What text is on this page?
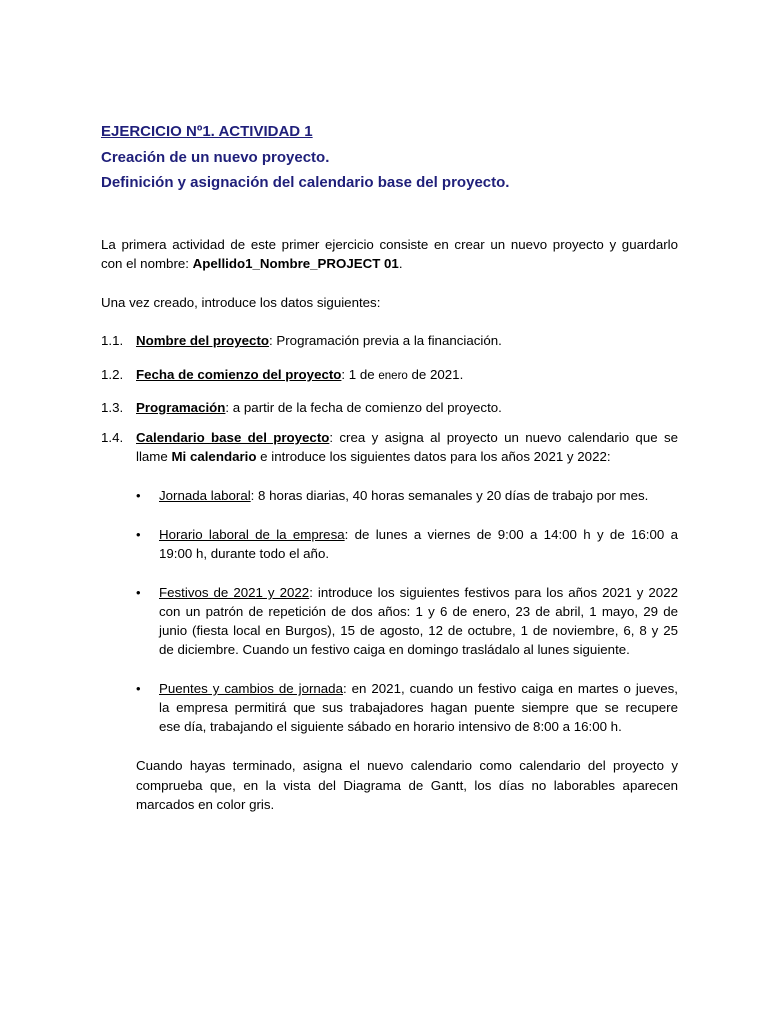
EJERCICIO Nº1. ACTIVIDAD 1
Creación de un nuevo proyecto.
Definición y asignación del calendario base del proyecto.
La primera actividad de este primer ejercicio consiste en crear un nuevo proyecto y guardarlo
con el nombre: Apellido1_Nombre_PROJECT 01.
Una vez creado, introduce los datos siguientes:
1.1. Nombre del proyecto: Programación previa a la financiación.
1.2. Fecha de comienzo del proyecto: 1 de enero de 2021.
1.3. Programación: a partir de la fecha de comienzo del proyecto.
1.4. Calendario base del proyecto: crea y asigna al proyecto un nuevo calendario que se
llame Mi calendario e introduce los siguientes datos para los años 2021 y 2022:
•	Jornada laboral: 8 horas diarias, 40 horas semanales y 20 días de trabajo por mes.
•	Horario laboral de la empresa: de lunes a viernes de 9:00 a 14:00 h y de 16:00 a
19:00 h, durante todo el año.
•	Festivos de 2021 y 2022: introduce los siguientes festivos para los años 2021 y 2022
con un patrón de repetición de dos años: 1 y 6 de enero, 23 de abril, 1 mayo, 29 de
junio (fiesta local en Burgos), 15 de agosto, 12 de octubre, 1 de noviembre, 6, 8 y 25
de diciembre. Cuando un festivo caiga en domingo trasládalo al lunes siguiente.
•	Puentes y cambios de jornada: en 2021, cuando un festivo caiga en martes o jueves,
la empresa permitirá que sus trabajadores hagan puente siempre que se recupere
ese día, trabajando el siguiente sábado en horario intensivo de 8:00 a 16:00 h.
Cuando hayas terminado, asigna el nuevo calendario como calendario del proyecto y
comprueba que, en la vista del Diagrama de Gantt, los días no laborables aparecen
marcados en color gris.
